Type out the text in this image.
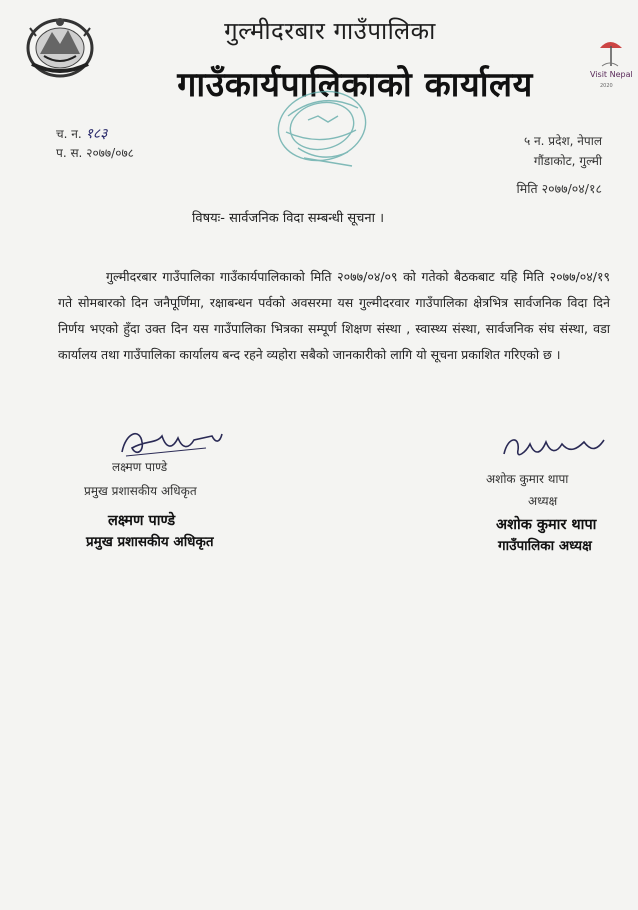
गुल्मीदरबार गाउँपालिका
गाउँकार्यपालिकाको कार्यालय	Visit Nepal
2020
च. न. १८३
प. स. २०७७/०७८
५ न. प्रदेश, नेपाल
गौंडाकोट, गुल्मी
मिति २०७७/०४/१८
विषयः- सार्वजनिक विदा सम्बन्धी सूचना ।
गुल्मीदरबार गाउँपालिका गाउँकार्यपालिकाको मिति २०७७/०४/०९ को गतेको बैठकबाट यहि मिति २०७७/०४/१९ गते सोमबारको दिन जनैपूर्णिमा, रक्षाबन्धन पर्वको अवसरमा यस गुल्मीदरवार गाउँपालिका क्षेत्रभित्र सार्वजनिक विदा दिने निर्णय भएको हुँदा उक्त दिन यस गाउँपालिका भित्रका सम्पूर्ण शिक्षण संस्था , स्वास्थ्य संस्था, सार्वजनिक संघ संस्था, वडा कार्यालय तथा गाउँपालिका कार्यालय बन्द रहने व्यहोरा सबैको जानकारीको लागि यो सूचना प्रकाशित गरिएको छ ।
लक्ष्मण पाण्डे
प्रमुख प्रशासकीय अधिकृत
लक्ष्मण पाण्डे
प्रमुख प्रशासकीय अधिकृत
अशोक कुमार थापा
अध्यक्ष
अशोक कुमार थापा
गाउँपालिका अध्यक्ष
